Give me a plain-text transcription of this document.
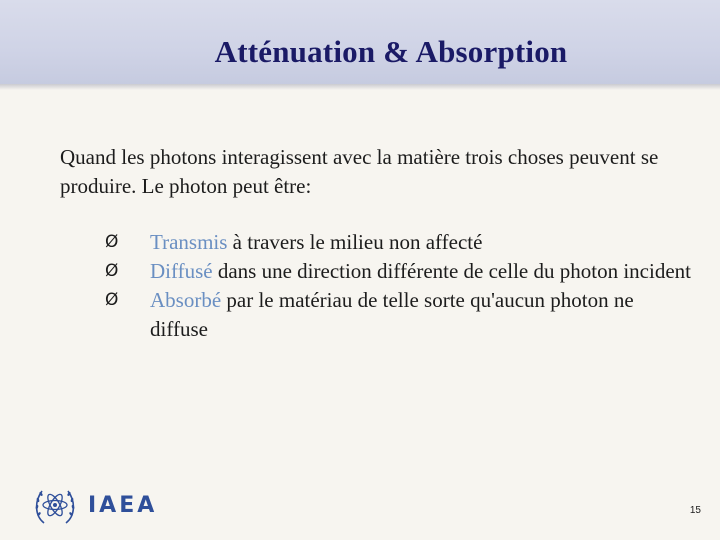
Atténuation & Absorption

Quand les photons interagissent avec la matière trois choses peuvent se produire. Le photon peut être:

Ø	Transmis à travers le milieu non affecté
Ø	Diffusé dans une direction différente de celle du photon incident
Ø	Absorbé par le matériau de telle sorte qu'aucun photon ne diffuse
IAEA	15
